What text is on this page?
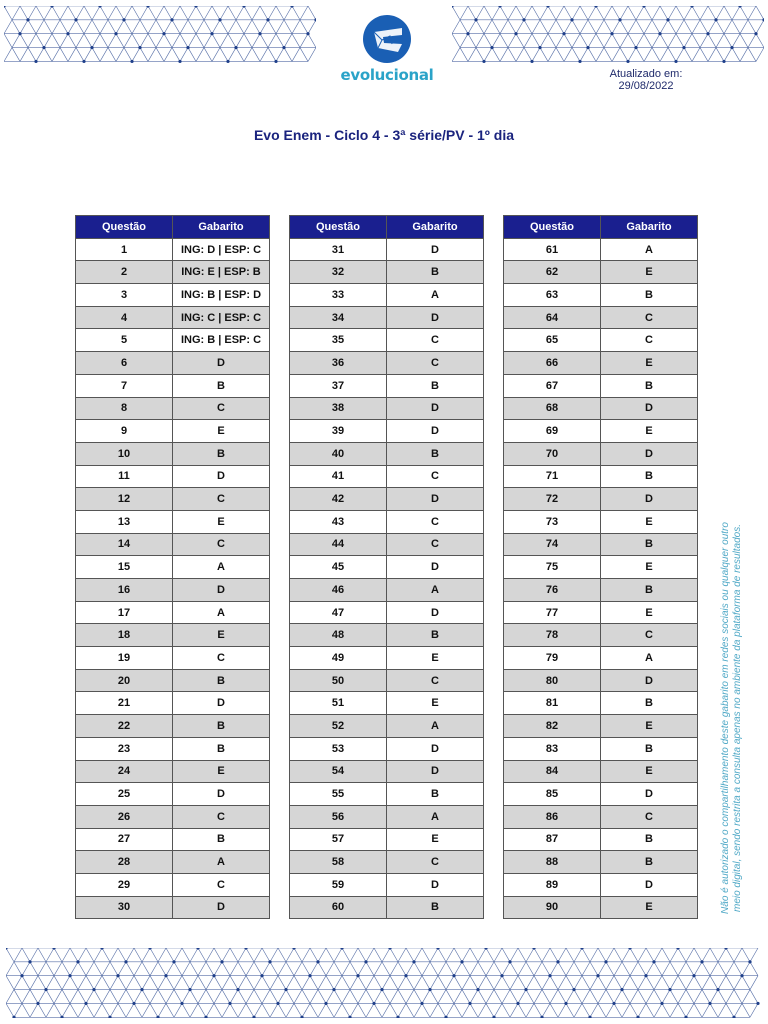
evolucional	Atualizado em:
29/08/2022
Evo Enem - Ciclo 4 - 3ª série/PV - 1º dia
Questão	Gabarito
1	ING: D | ESP: C
2	ING: E | ESP: B
3	ING: B | ESP: D
4	ING: C | ESP: C
5	ING: B | ESP: C
6	D
7	B
8	C
9	E
10	B
11	D
12	C
13	E
14	C
15	A
16	D
17	A
18	E
19	C
20	B
21	D
22	B
23	B
24	E
25	D
26	C
27	B
28	A
29	C
30	D
Questão	Gabarito
31	D
32	B
33	A
34	D
35	C
36	C
37	B
38	D
39	D
40	B
41	C
42	D
43	C
44	C
45	D
46	A
47	D
48	B
49	E
50	C
51	E
52	A
53	D
54	D
55	B
56	A
57	E
58	C
59	D
60	B
Questão	Gabarito
61	A
62	E
63	B
64	C
65	C
66	E
67	B
68	D
69	E
70	D
71	B
72	D
73	E
74	B
75	E
76	B
77	E
78	C
79	A
80	D
81	B
82	E
83	B
84	E
85	D
86	C
87	B
88	B
89	D
90	E	Não é autorizado o compartilhamento deste gabarito em redes sociais ou qualquer outro meio digital, sendo restrita a consulta apenas no ambiente da plataforma de resultados.
